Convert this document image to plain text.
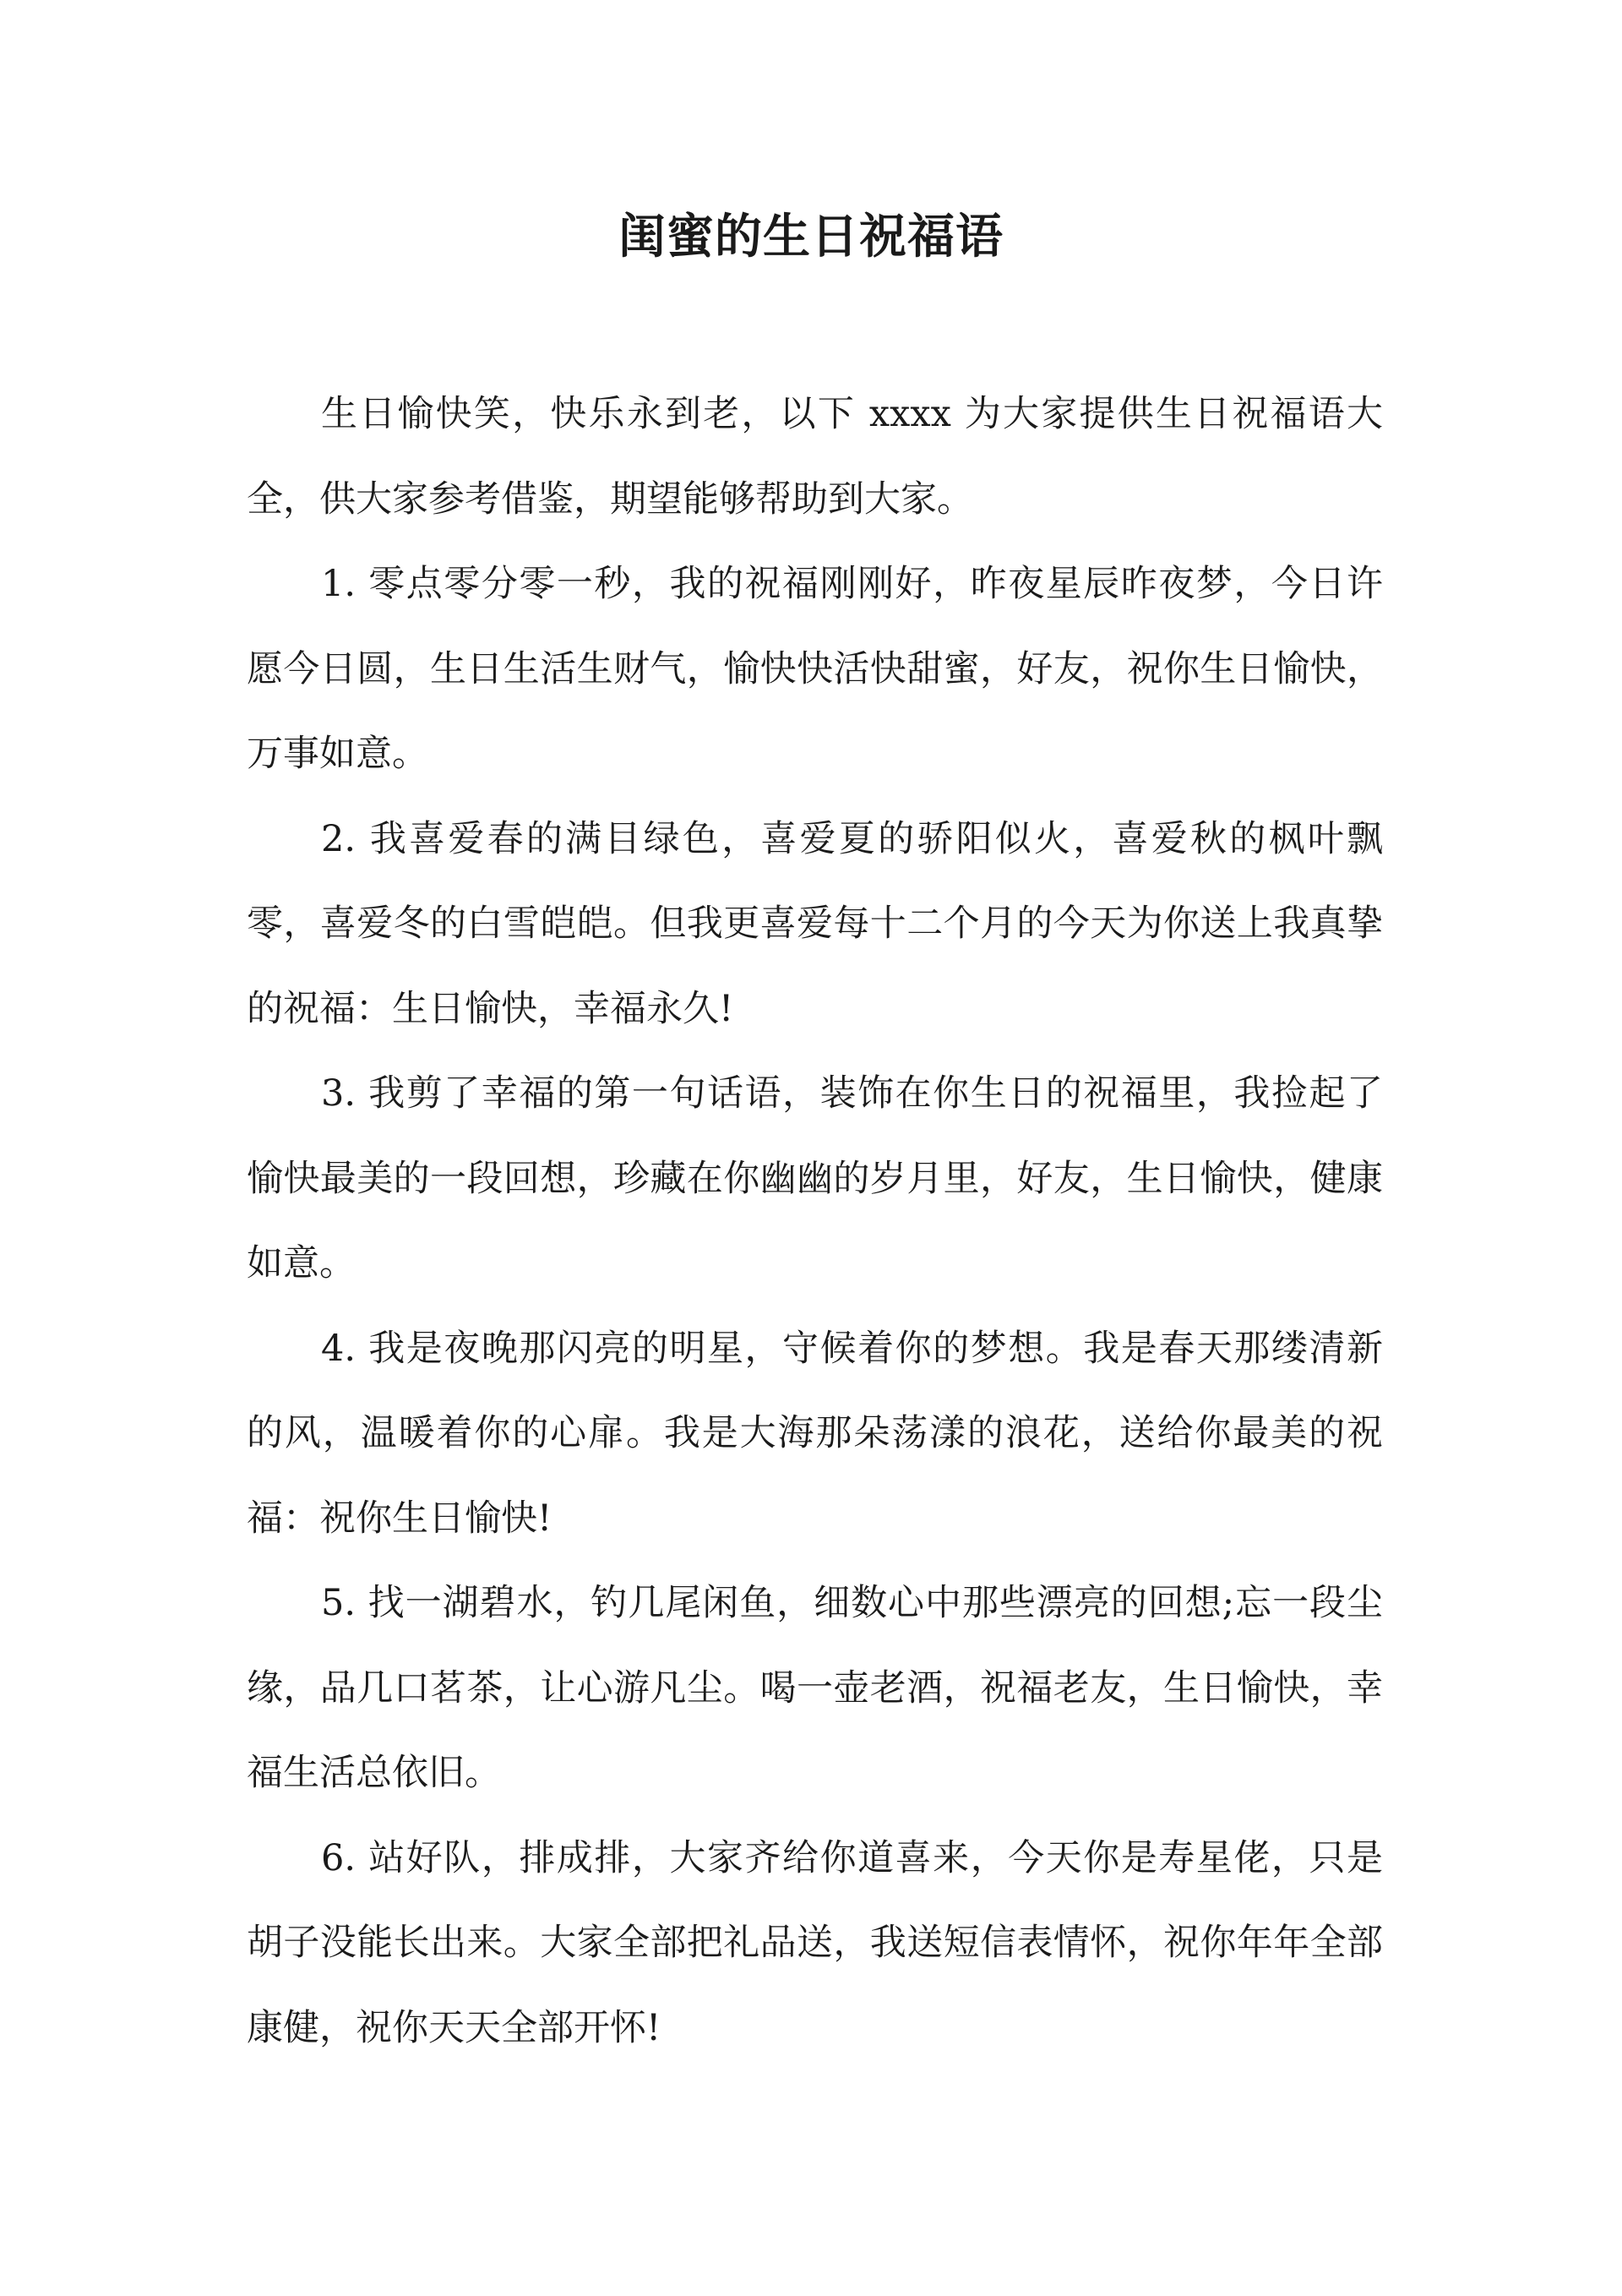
闺蜜的生日祝福语

生日愉快笑，快乐永到老，以下 xxxx 为大家提供生日祝福语大全，供大家参考借鉴，期望能够帮助到大家。

1. 零点零分零一秒，我的祝福刚刚好，昨夜星辰昨夜梦，今日许愿今日圆，生日生活生财气，愉快快活快甜蜜，好友，祝你生日愉快，万事如意。

2. 我喜爱春的满目绿色，喜爱夏的骄阳似火，喜爱秋的枫叶飘零，喜爱冬的白雪皑皑。但我更喜爱每十二个月的今天为你送上我真挚的祝福：生日愉快，幸福永久!

3. 我剪了幸福的第一句话语，装饰在你生日的祝福里，我捡起了愉快最美的一段回想，珍藏在你幽幽的岁月里，好友，生日愉快，健康如意。

4. 我是夜晚那闪亮的明星，守候着你的梦想。我是春天那缕清新的风，温暖着你的心扉。我是大海那朵荡漾的浪花，送给你最美的祝福：祝你生日愉快!

5. 找一湖碧水，钓几尾闲鱼，细数心中那些漂亮的回想;忘一段尘缘，品几口茗茶，让心游凡尘。喝一壶老酒，祝福老友，生日愉快，幸福生活总依旧。

6. 站好队，排成排，大家齐给你道喜来，今天你是寿星佬，只是胡子没能长出来。大家全部把礼品送，我送短信表情怀，祝你年年全部康健，祝你天天全部开怀!
